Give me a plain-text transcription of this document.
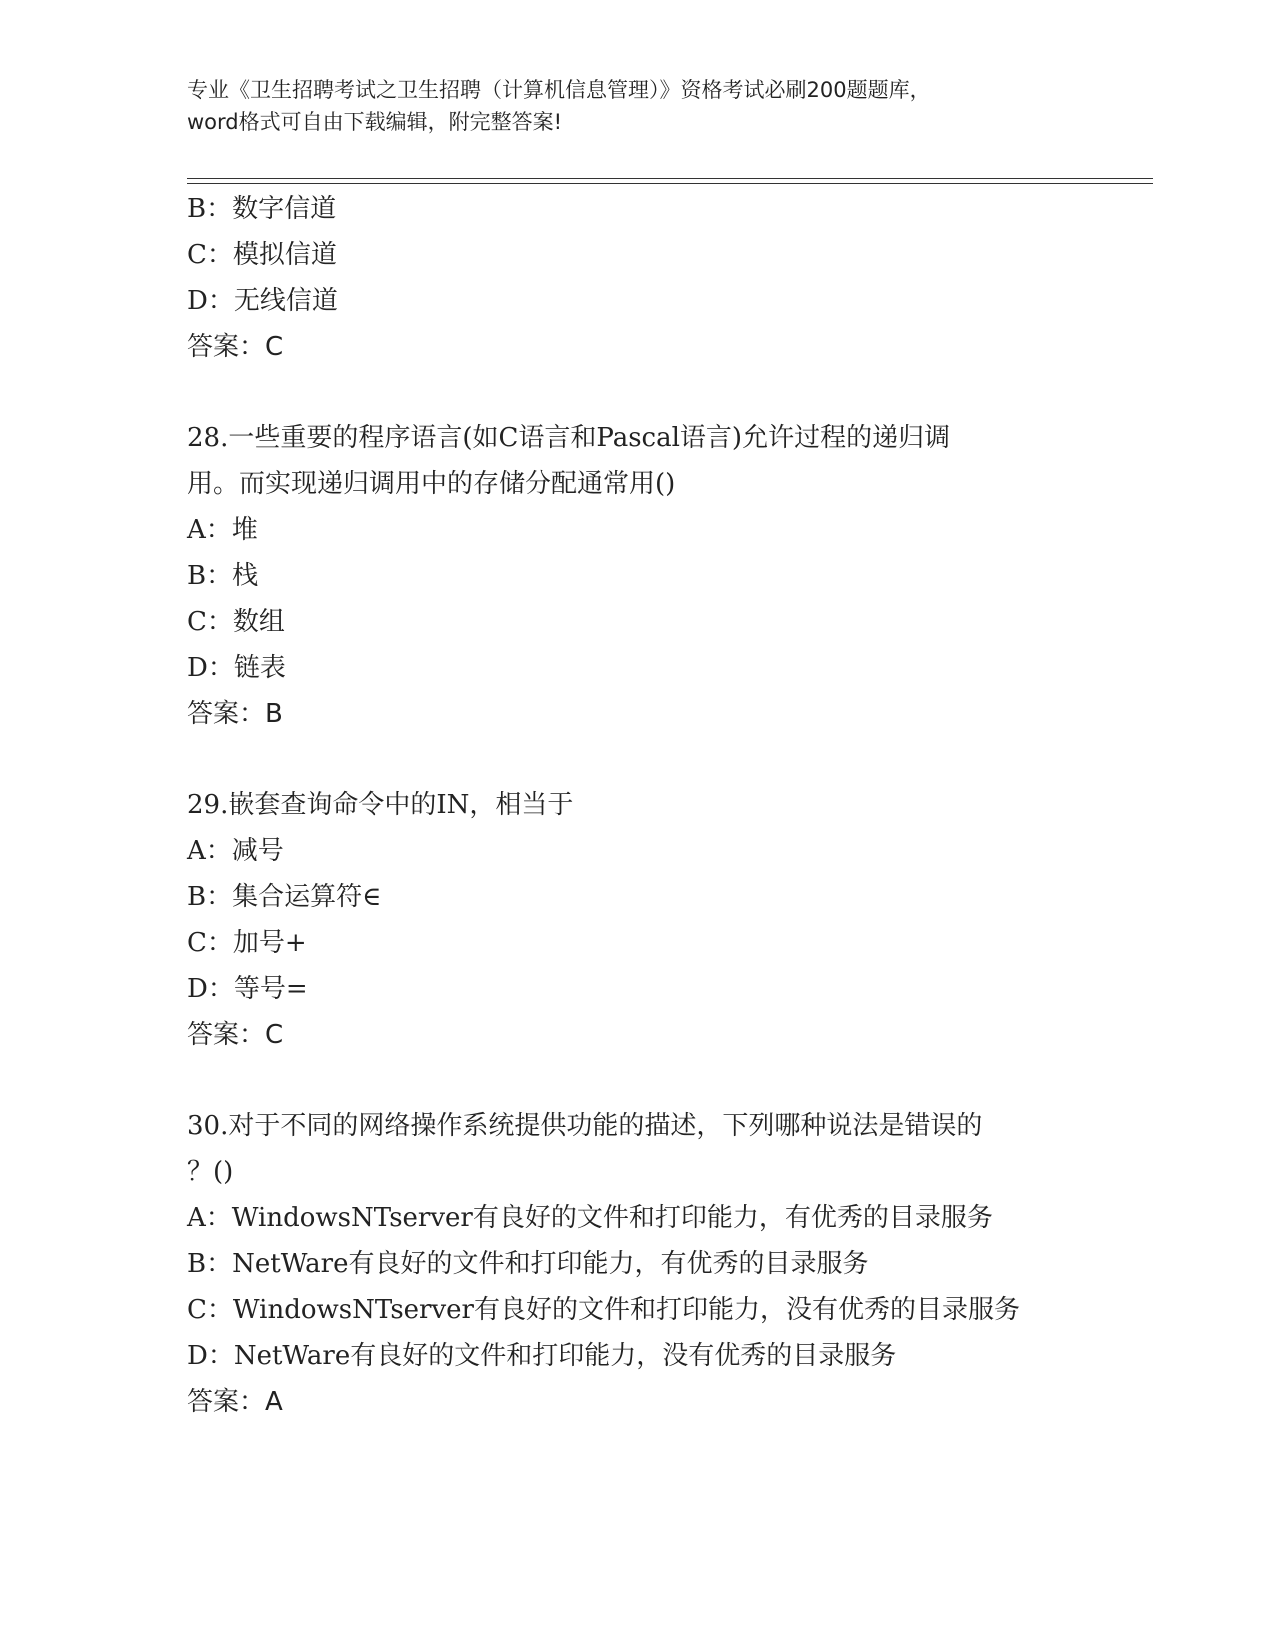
专业《卫生招聘考试之卫生招聘（计算机信息管理）》资格考试必刷200题题库，
word格式可自由下载编辑，附完整答案!
B：数字信道
C：模拟信道
D：无线信道
答案：C
28.一些重要的程序语言(如C语言和Pascal语言)允许过程的递归调
用。而实现递归调用中的存储分配通常用()
A：堆
B：栈
C：数组
D：链表
答案：B
29.嵌套查询命令中的IN，相当于
A：减号
B：集合运算符∈
C：加号+
D：等号=
答案：C
30.对于不同的网络操作系统提供功能的描述，下列哪种说法是错误的
？()
A：WindowsNTserver有良好的文件和打印能力，有优秀的目录服务
B：NetWare有良好的文件和打印能力，有优秀的目录服务
C：WindowsNTserver有良好的文件和打印能力，没有优秀的目录服务
D：NetWare有良好的文件和打印能力，没有优秀的目录服务
答案：A
